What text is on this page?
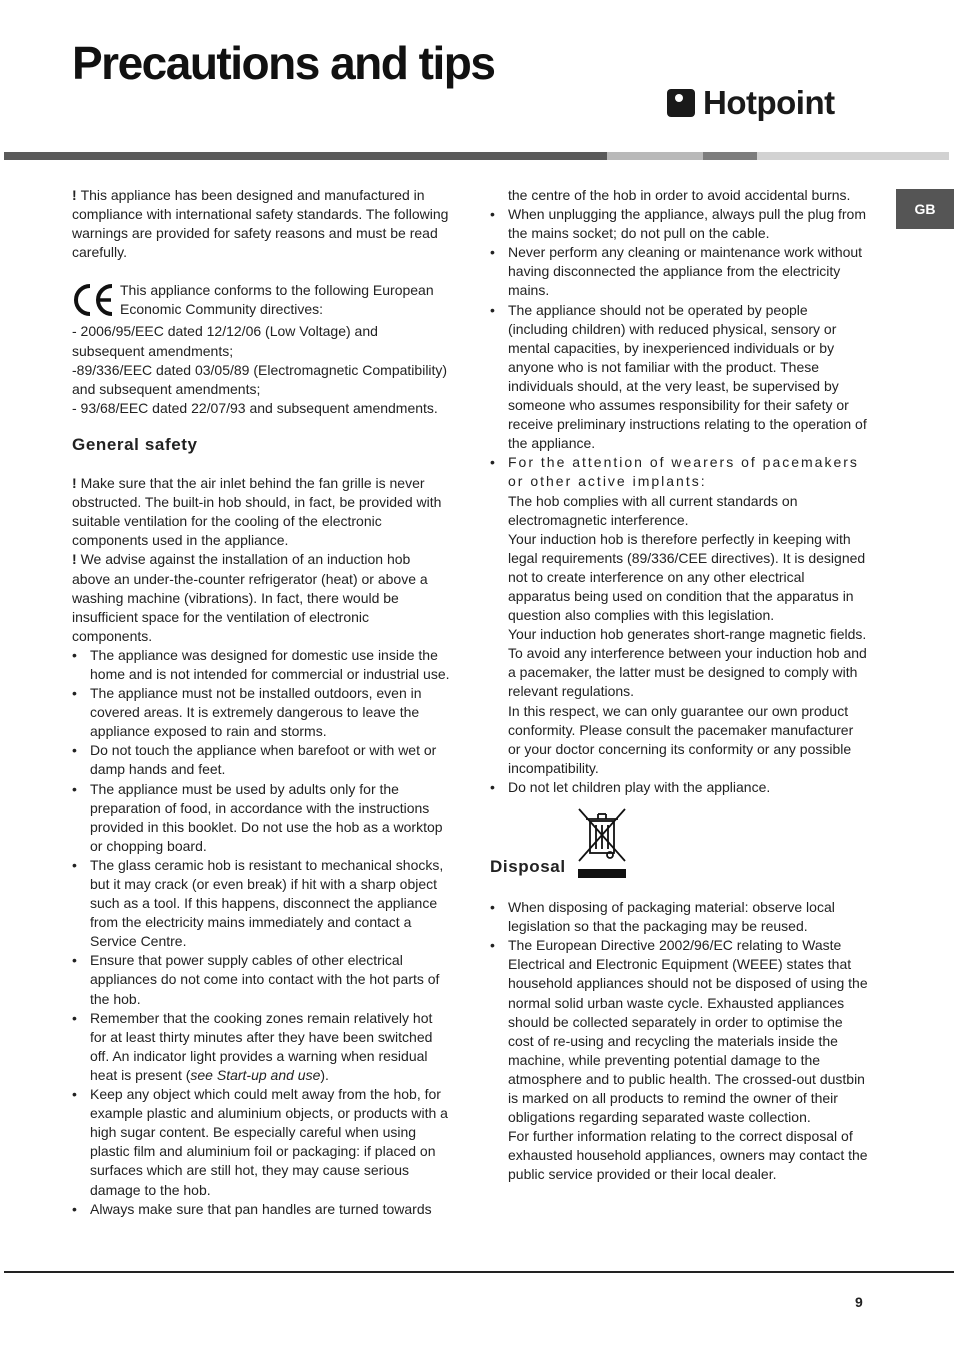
Precautions and tips
Hotpoint
GB

! This appliance has been designed and manufactured in compliance with international safety standards. The following warnings are provided for safety reasons and must be read carefully.

This appliance conforms to the following European Economic Community directives:

- 2006/95/EEC dated 12/12/06 (Low Voltage) and subsequent amendments;

-89/336/EEC dated 03/05/89 (Electromagnetic Compatibility) and subsequent amendments;

- 93/68/EEC dated 22/07/93 and subsequent amendments.

General safety

! Make sure that the air inlet behind the fan grille is never obstructed. The built-in hob should, in fact, be provided with suitable ventilation for the cooling of the electronic components used in the appliance.

! We advise against the installation of an induction hob above an under-the-counter refrigerator (heat) or above a washing machine (vibrations). In fact, there would be insufficient space for the ventilation of electronic components.

• The appliance was designed for domestic use inside the home and is not intended for commercial or industrial use.

• The appliance must not be installed outdoors, even in covered areas. It is extremely dangerous to leave the appliance exposed to rain and storms.

• Do not touch the appliance when barefoot or with wet or damp hands and feet.

• The appliance must be used by adults only for the preparation of food, in accordance with the instructions provided in this booklet. Do not use the hob as a worktop or chopping board.

• The glass ceramic hob is resistant to mechanical shocks, but it may crack (or even break) if hit with a sharp object such as a tool. If this happens, disconnect the appliance from the electricity mains immediately and contact a Service Centre.

• Ensure that power supply cables of other electrical appliances do not come into contact with the hot parts of the hob.

• Remember that the cooking zones remain relatively hot for at least thirty minutes after they have been switched off. An indicator light provides a warning when residual heat is present (see Start-up and use).

• Keep any object which could melt away from the hob, for example plastic and aluminium objects, or products with a high sugar content. Be especially careful when using plastic film and aluminium foil or packaging: if placed on surfaces which are still hot, they may cause serious damage to the hob.

• Always make sure that pan handles are turned towards

the centre of the hob in order to avoid accidental burns.

• When unplugging the appliance, always pull the plug from the mains socket; do not pull on the cable.

• Never perform any cleaning or maintenance work without having disconnected the appliance from the electricity mains.

• The appliance should not be operated by people (including children) with reduced physical, sensory or mental capacities, by inexperienced individuals or by anyone who is not familiar with the product. These individuals should, at the very least, be supervised by someone who assumes responsibility for their safety or receive preliminary instructions relating to the operation of the appliance.

• For the attention of wearers of pacemakers or other active implants:

The hob complies with all current standards on electromagnetic interference.

Your induction hob is therefore perfectly in keeping with legal requirements (89/336/CEE directives). It is designed not to create interference on any other electrical apparatus being used on condition that the apparatus in question also complies with this legislation.

Your induction hob generates short-range magnetic fields.

To avoid any interference between your induction hob and a pacemaker, the latter must be designed to comply with relevant regulations.

In this respect, we can only guarantee our own product conformity. Please consult the pacemaker manufacturer or your doctor concerning its conformity or any possible incompatibility.

• Do not let children play with the appliance.

Disposal

• When disposing of packaging material: observe local legislation so that the packaging may be reused.

• The European Directive 2002/96/EC relating to Waste Electrical and Electronic Equipment (WEEE) states that household appliances should not be disposed of using the normal solid urban waste cycle. Exhausted appliances should be collected separately in order to optimise the cost of re-using and recycling the materials inside the machine, while preventing potential damage to the atmosphere and to public health. The crossed-out dustbin is marked on all products to remind the owner of their obligations regarding separated waste collection.

For further information relating to the correct disposal of exhausted household appliances, owners may contact the public service provided or their local dealer.

9
